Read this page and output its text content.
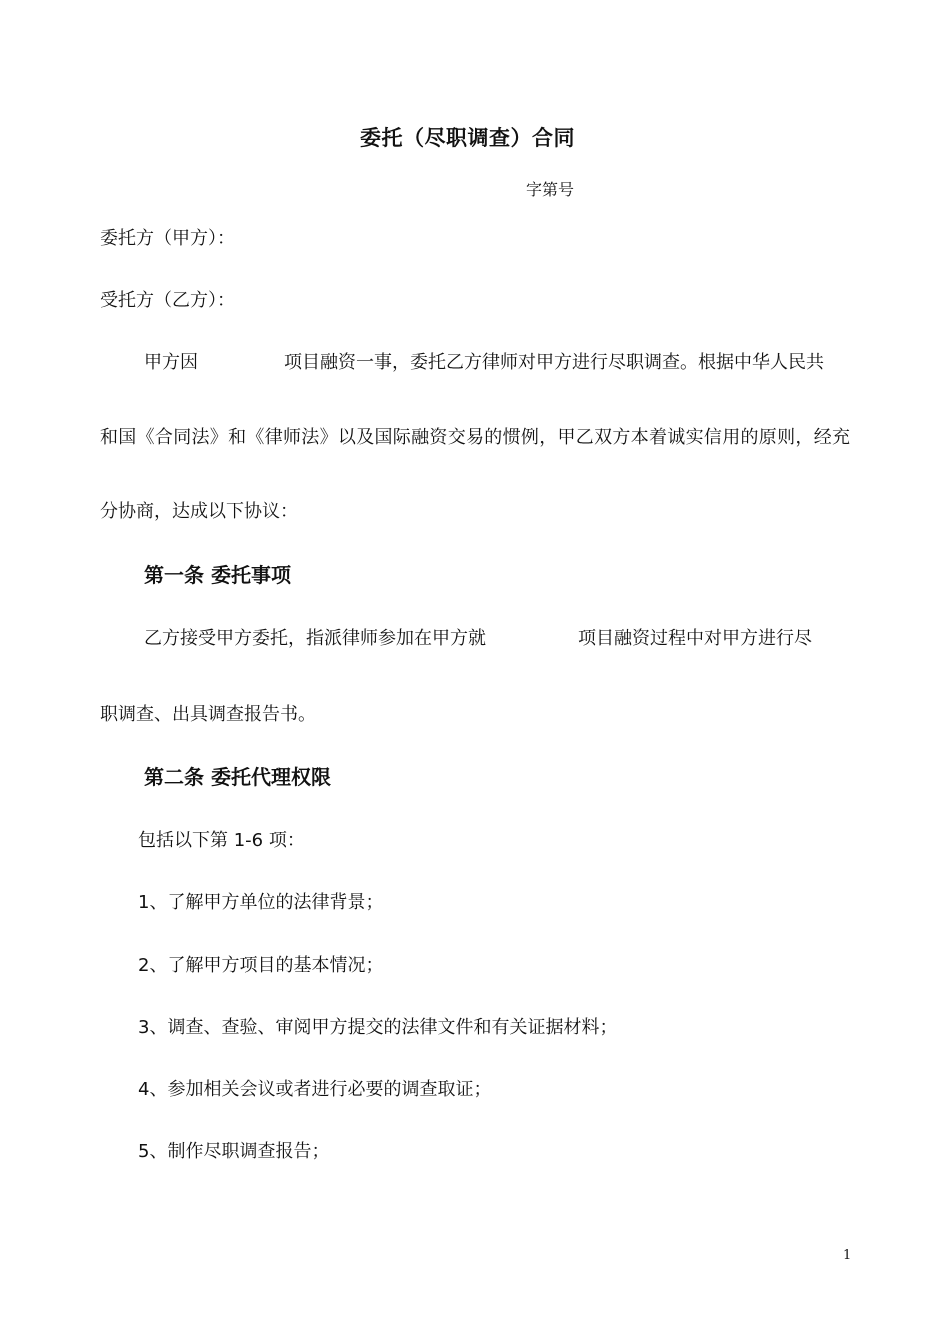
委托（尽职调查）合同
字第号
委托方（甲方）：
受托方（乙方）：
甲方因	项目融资一事，委托乙方律师对甲方进行尽职调查。根据中华人民共
和国《合同法》和《律师法》以及国际融资交易的惯例，甲乙双方本着诚实信用的原则，经充
分协商，达成以下协议：
第一条 委托事项
乙方接受甲方委托，指派律师参加在甲方就	项目融资过程中对甲方进行尽
职调查、出具调查报告书。
第二条 委托代理权限
包括以下第 1-6 项：
1、了解甲方单位的法律背景；
2、了解甲方项目的基本情况；
3、调查、查验、审阅甲方提交的法律文件和有关证据材料；
4、参加相关会议或者进行必要的调查取证；
5、制作尽职调查报告；
1
